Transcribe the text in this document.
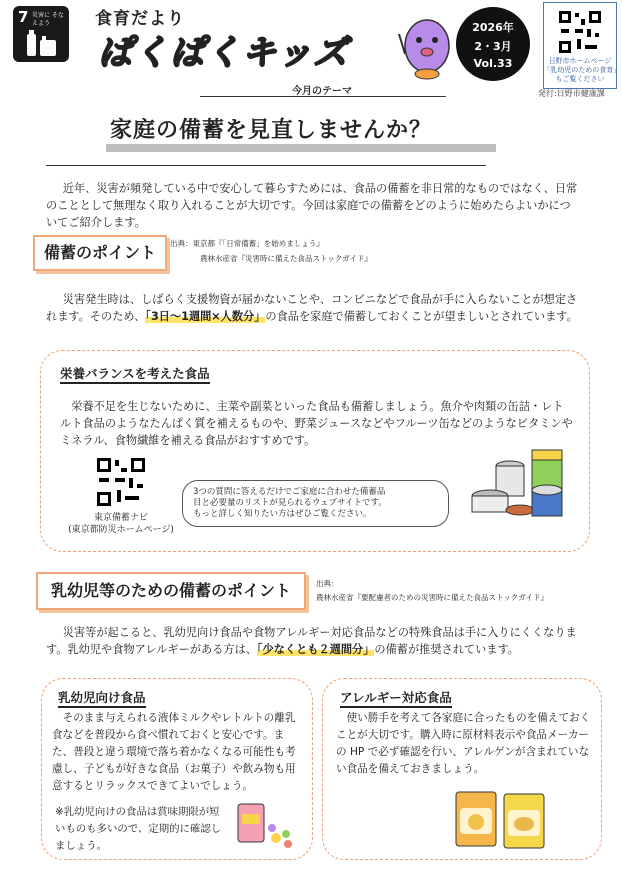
7 災害に そなえよう	食育だより
ぱくぱくキッズ
2026年
2・3月
Vol.33	日野市ホームページ「乳幼児のための食育」もご覧ください
発行:日野市健康課
今月のテーマ
家庭の備蓄を見直しませんか？
近年、災害が頻発している中で安心して暮らすためには、食品の備蓄を非日常的なものではなく、日常のこととして無理なく取り入れることが大切です。今回は家庭での備蓄をどのように始めたらよいかについてご紹介します。
備蓄のポイント	出典：東京都『「日常備蓄」を始めましょう』
農林水産省『災害時に備えた食品ストックガイド』
災害発生時は、しばらく支援物資が届かないことや、コンビニなどで食品が手に入らないことが想定されます。そのため、「3日～1週間×人数分」の食品を家庭で備蓄しておくことが望ましいとされています。
栄養バランスを考えた食品
栄養不足を生じないために、主菜や副菜といった食品も備蓄しましょう。魚介や肉類の缶詰・レトルト食品のようなたんぱく質を補えるものや、野菜ジュースなどやフルーツ缶などのようなビタミンやミネラル、食物繊維を補える食品がおすすめです。
東京備蓄ナビ
(東京都防災ホームページ)
3つの質問に答えるだけでご家庭に合わせた備蓄品
目と必要量のリストが見られるウェブサイトです。
もっと詳しく知りたい方はぜひご覧ください。
乳幼児等のための備蓄のポイント	出典：
農林水産省『要配慮者のための災害時に備えた食品ストックガイド』
災害等が起こると、乳幼児向け食品や食物アレルギー対応食品などの特殊食品は手に入りにくくなります。乳幼児や食物アレルギーがある方は、「少なくとも２週間分」の備蓄が推奨されています。
乳幼児向け食品
そのまま与えられる液体ミルクやレトルトの離乳食などを普段から食べ慣れておくと安心です。また、普段と違う環境で落ち着かなくなる可能性も考慮し、子どもが好きな食品（お菓子）や飲み物も用意するとリラックスできてよいでしょう。
※乳幼児向けの食品は賞味期限が短いものも多いので、定期的に確認しましょう。
アレルギー対応食品
使い勝手を考えて各家庭に合ったものを備えておくことが大切です。購入時に原材料表示や食品メーカーの HP で必ず確認を行い、アレルゲンが含まれていない食品を備えておきましょう。
